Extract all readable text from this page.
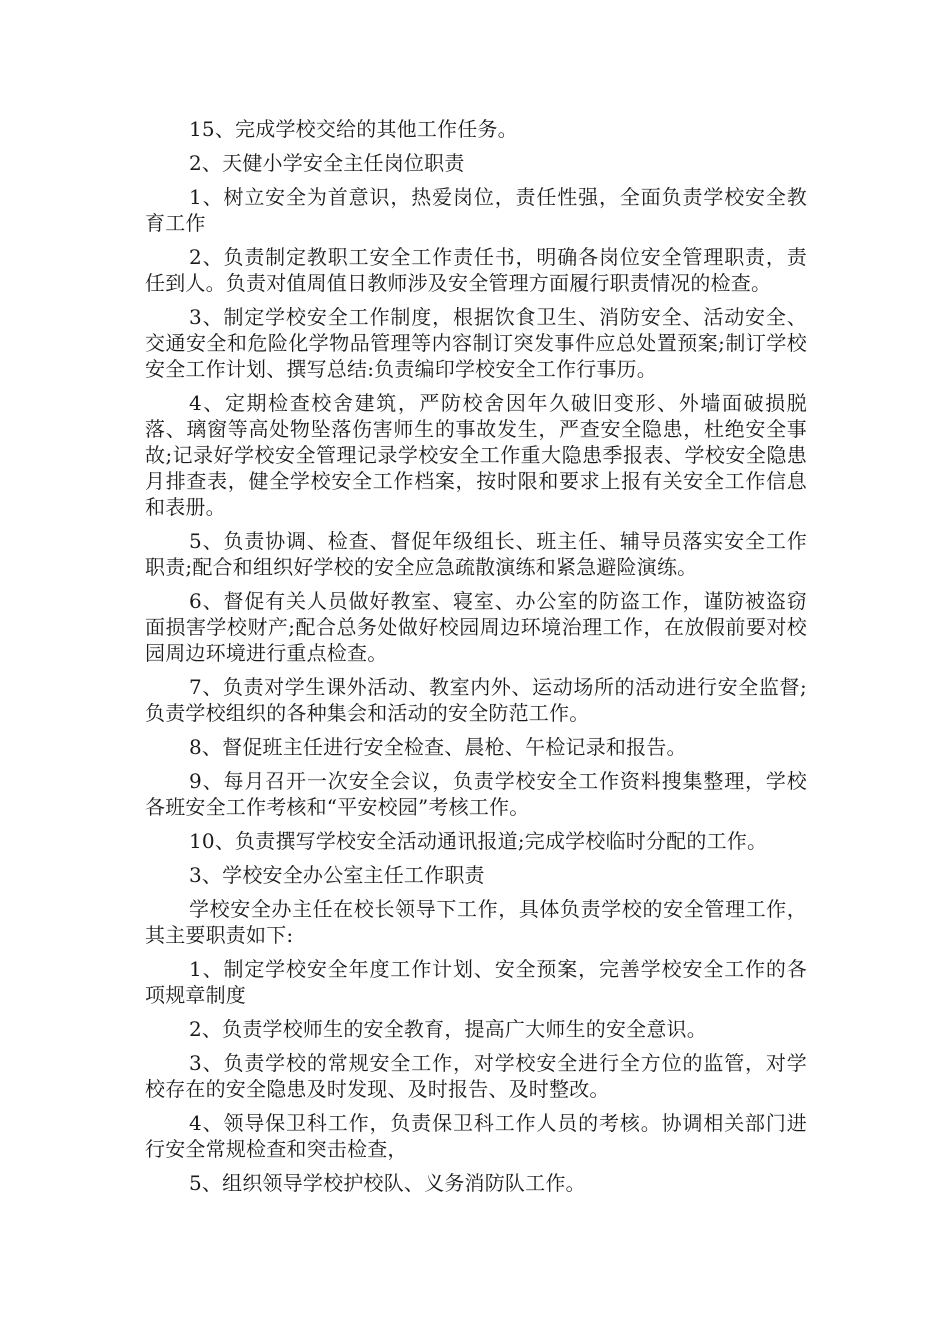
15、完成学校交给的其他工作任务。

2、天健小学安全主任岗位职责

1、树立安全为首意识，热爱岗位，责任性强，全面负责学校安全教育工作

2、负责制定教职工安全工作责任书，明确各岗位安全管理职责，责任到人。负责对值周值日教师涉及安全管理方面履行职责情况的检查。

3、制定学校安全工作制度，根据饮食卫生、消防安全、活动安全、交通安全和危险化学物品管理等内容制订突发事件应总处置预案;制订学校安全工作计划、撰写总结:负责编印学校安全工作行事历。

4、定期检查校舍建筑，严防校舍因年久破旧变形、外墙面破损脱落、璃窗等高处物坠落伤害师生的事故发生，严查安全隐患，杜绝安全事故;记录好学校安全管理记录学校安全工作重大隐患季报表、学校安全隐患月排查表，健全学校安全工作档案，按时限和要求上报有关安全工作信息和表册。

5、负责协调、检查、督促年级组长、班主任、辅导员落实安全工作职责;配合和组织好学校的安全应急疏散演练和紧急避险演练。

6、督促有关人员做好教室、寝室、办公室的防盗工作，谨防被盗窃面损害学校财产;配合总务处做好校园周边环境治理工作，在放假前要对校园周边环境进行重点检查。

7、负责对学生课外活动、教室内外、运动场所的活动进行安全监督;负责学校组织的各种集会和活动的安全防范工作。

8、督促班主任进行安全检查、晨枪、午检记录和报告。

9、每月召开一次安全会议，负责学校安全工作资料搜集整理，学校各班安全工作考核和“平安校园”考核工作。

10、负责撰写学校安全活动通讯报道;完成学校临时分配的工作。

3、学校安全办公室主任工作职责

学校安全办主任在校长领导下工作，具体负责学校的安全管理工作，其主要职责如下:

1、制定学校安全年度工作计划、安全预案，完善学校安全工作的各项规章制度

2、负责学校师生的安全教育，提高广大师生的安全意识。

3、负责学校的常规安全工作，对学校安全进行全方位的监管，对学校存在的安全隐患及时发现、及时报告、及时整改。

4、领导保卫科工作，负责保卫科工作人员的考核。协调相关部门进行安全常规检查和突击检查，

5、组织领导学校护校队、义务消防队工作。
